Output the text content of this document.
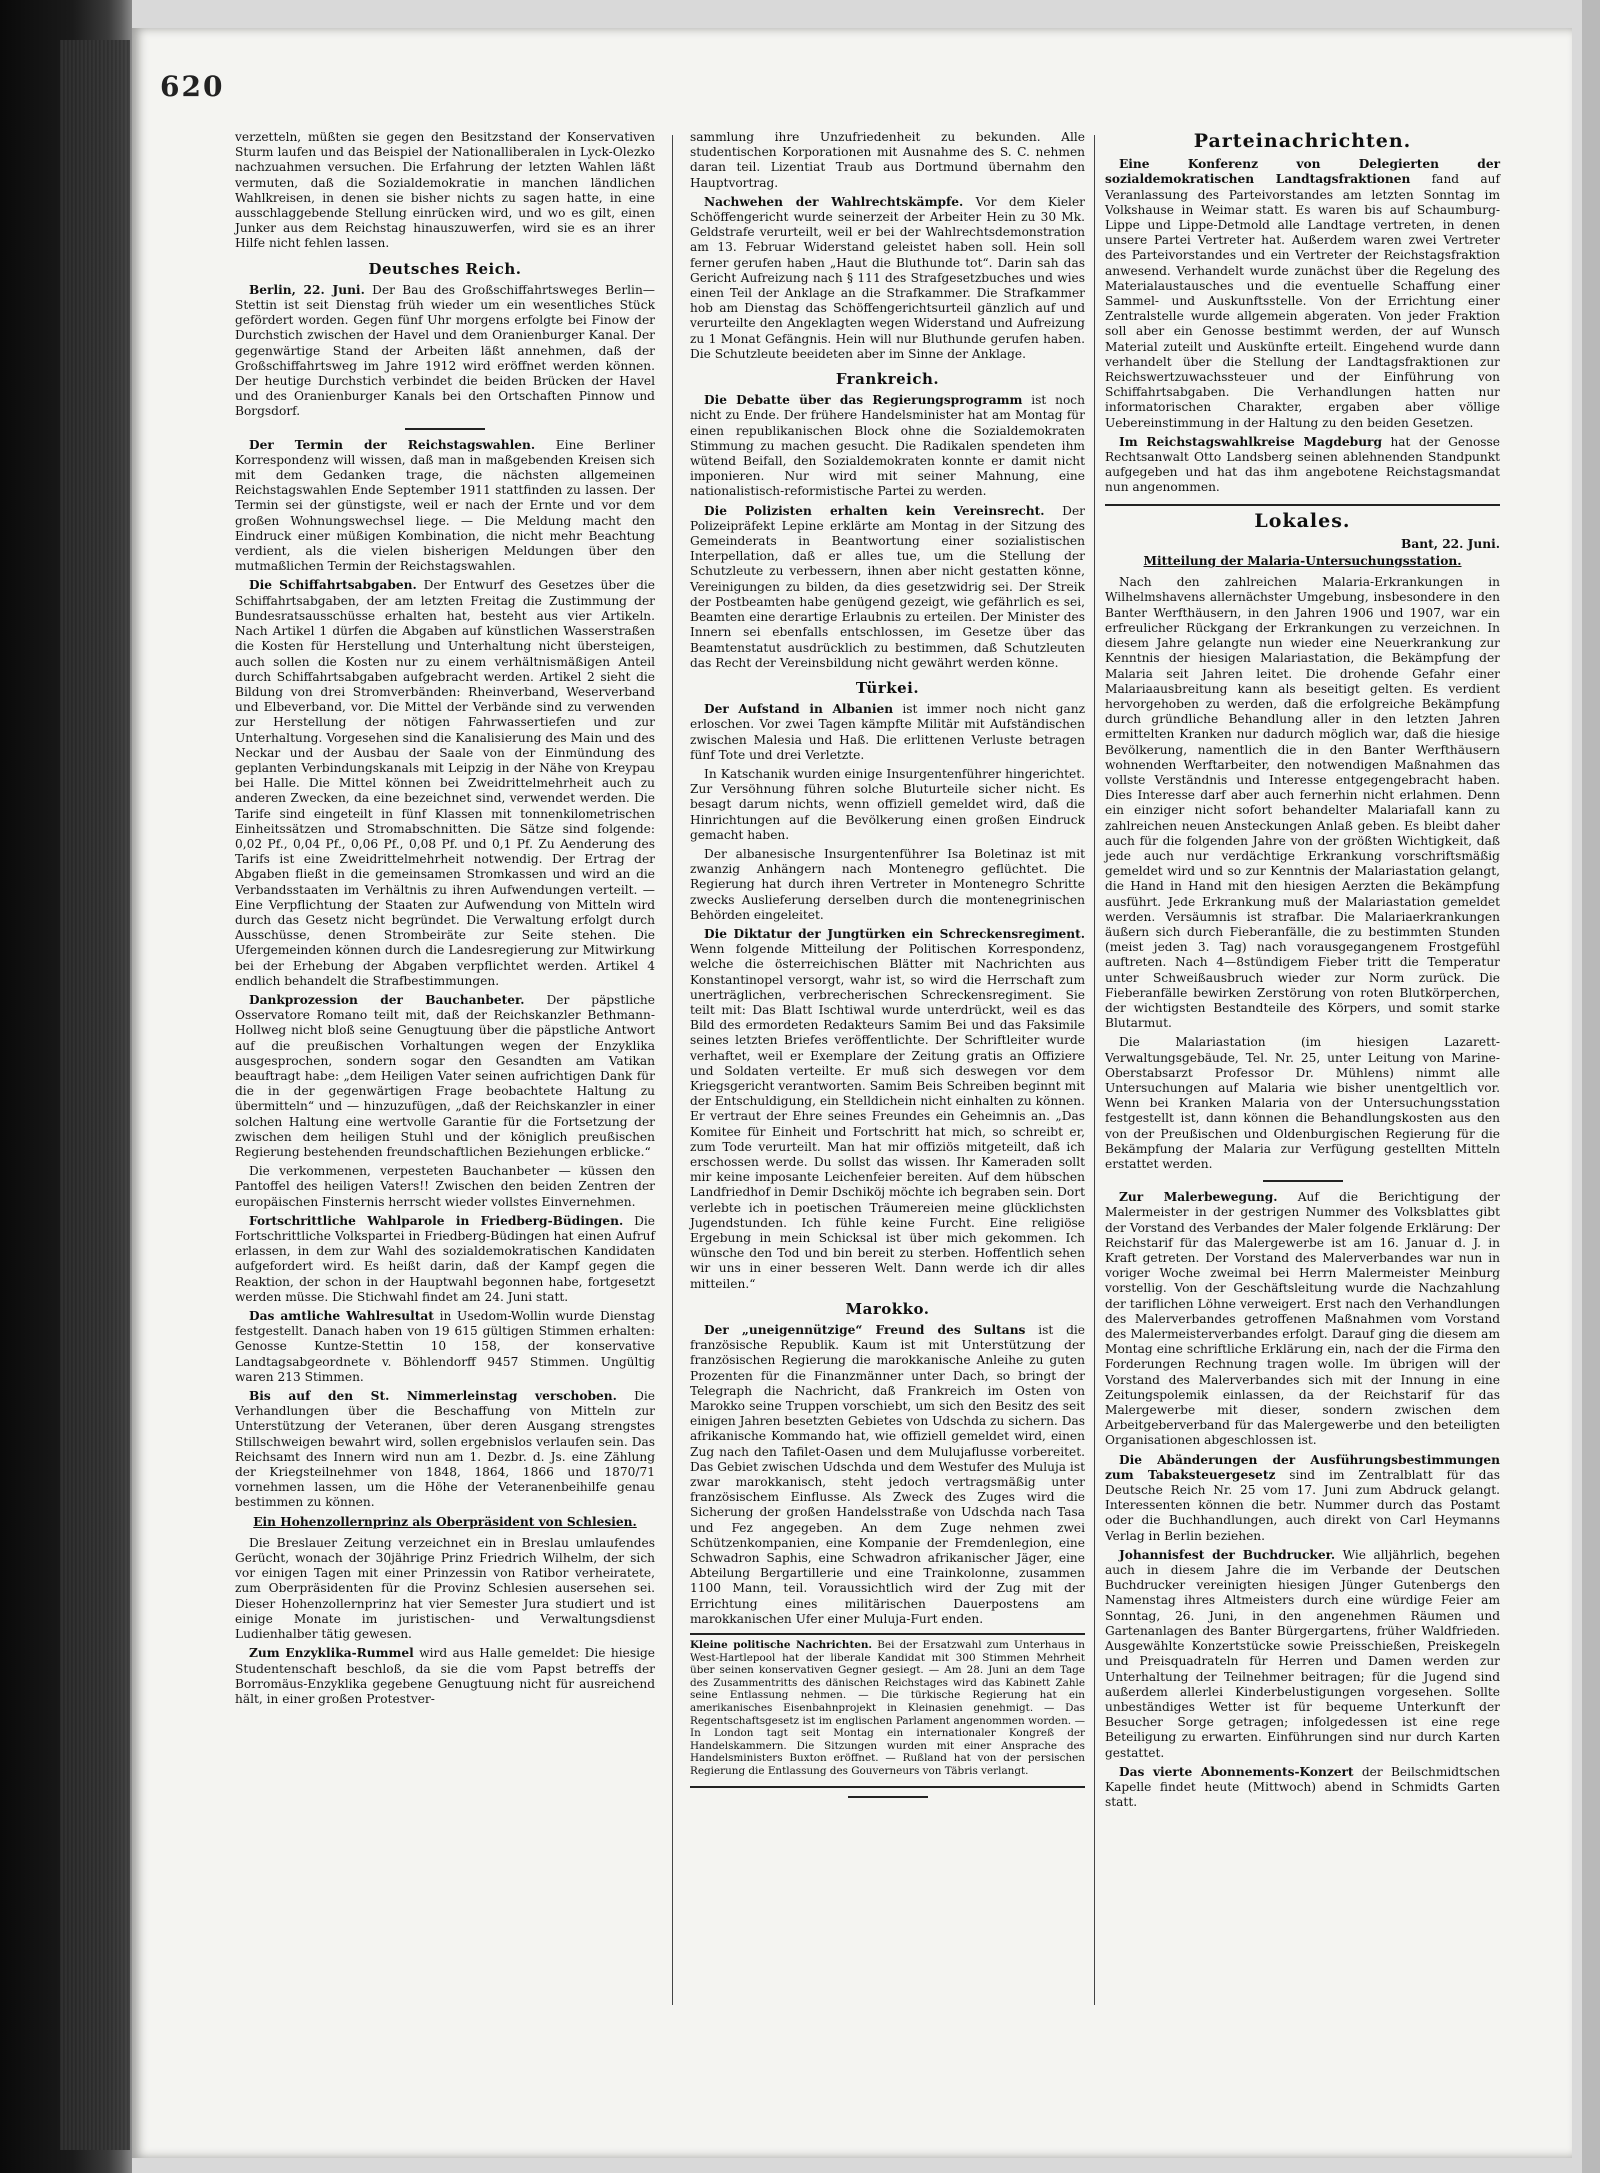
620

verzetteln, müßten sie gegen den Besitzstand der Konservativen Sturm laufen und das Beispiel der Nationalliberalen in Lyck-Olezko nachzuahmen versuchen. Die Erfahrung der letzten Wahlen läßt vermuten, daß die Sozialdemokratie in manchen ländlichen Wahlkreisen, in denen sie bisher nichts zu sagen hatte, in eine ausschlaggebende Stellung einrücken wird, und wo es gilt, einen Junker aus dem Reichstag hinauszuwerfen, wird sie es an ihrer Hilfe nicht fehlen lassen.

Deutsches Reich.

Berlin, 22. Juni. Der Bau des Großschiffahrtsweges Berlin—Stettin ist seit Dienstag früh wieder um ein wesentliches Stück gefördert worden. Gegen fünf Uhr morgens erfolgte bei Finow der Durchstich zwischen der Havel und dem Oranienburger Kanal. Der gegenwärtige Stand der Arbeiten läßt annehmen, daß der Großschiffahrtsweg im Jahre 1912 wird eröffnet werden können. Der heutige Durchstich verbindet die beiden Brücken der Havel und des Oranienburger Kanals bei den Ortschaften Pinnow und Borgsdorf.

Der Termin der Reichstagswahlen. Eine Berliner Korrespondenz will wissen, daß man in maßgebenden Kreisen sich mit dem Gedanken trage, die nächsten allgemeinen Reichstagswahlen Ende September 1911 stattfinden zu lassen. Der Termin sei der günstigste, weil er nach der Ernte und vor dem großen Wohnungswechsel liege. — Die Meldung macht den Eindruck einer müßigen Kombination, die nicht mehr Beachtung verdient, als die vielen bisherigen Meldungen über den mutmaßlichen Termin der Reichstagswahlen.

Die Schiffahrtsabgaben. Der Entwurf des Gesetzes über die Schiffahrtsabgaben, der am letzten Freitag die Zustimmung der Bundesratsausschüsse erhalten hat, besteht aus vier Artikeln. Nach Artikel 1 dürfen die Abgaben auf künstlichen Wasserstraßen die Kosten für Herstellung und Unterhaltung nicht übersteigen, auch sollen die Kosten nur zu einem verhältnismäßigen Anteil durch Schiffahrtsabgaben aufgebracht werden. Artikel 2 sieht die Bildung von drei Stromverbänden: Rheinverband, Weserverband und Elbeverband, vor. Die Mittel der Verbände sind zu verwenden zur Herstellung der nötigen Fahrwassertiefen und zur Unterhaltung. Vorgesehen sind die Kanalisierung des Main und des Neckar und der Ausbau der Saale von der Einmündung des geplanten Verbindungskanals mit Leipzig in der Nähe von Kreypau bei Halle. Die Mittel können bei Zweidrittelmehrheit auch zu anderen Zwecken, da eine bezeichnet sind, verwendet werden. Die Tarife sind eingeteilt in fünf Klassen mit tonnenkilometrischen Einheitssätzen und Stromabschnitten. Die Sätze sind folgende: 0,02 Pf., 0,04 Pf., 0,06 Pf., 0,08 Pf. und 0,1 Pf. Zu Aenderung des Tarifs ist eine Zweidrittelmehrheit notwendig. Der Ertrag der Abgaben fließt in die gemeinsamen Stromkassen und wird an die Verbandsstaaten im Verhältnis zu ihren Aufwendungen verteilt. — Eine Verpflichtung der Staaten zur Aufwendung von Mitteln wird durch das Gesetz nicht begründet. Die Verwaltung erfolgt durch Ausschüsse, denen Strombeiräte zur Seite stehen. Die Ufergemeinden können durch die Landesregierung zur Mitwirkung bei der Erhebung der Abgaben verpflichtet werden. Artikel 4 endlich behandelt die Strafbestimmungen.

Dankprozession der Bauchanbeter. Der päpstliche Osservatore Romano teilt mit, daß der Reichskanzler Bethmann-Hollweg nicht bloß seine Genugtuung über die päpstliche Antwort auf die preußischen Vorhaltungen wegen der Enzyklika ausgesprochen, sondern sogar den Gesandten am Vatikan beauftragt habe: „dem Heiligen Vater seinen aufrichtigen Dank für die in der gegenwärtigen Frage beobachtete Haltung zu übermitteln“ und — hinzuzufügen, „daß der Reichskanzler in einer solchen Haltung eine wertvolle Garantie für die Fortsetzung der zwischen dem heiligen Stuhl und der königlich preußischen Regierung bestehenden freundschaftlichen Beziehungen erblicke.“

Die verkommenen, verpesteten Bauchanbeter — küssen den Pantoffel des heiligen Vaters!! Zwischen den beiden Zentren der europäischen Finsternis herrscht wieder vollstes Einvernehmen.

Fortschrittliche Wahlparole in Friedberg-Büdingen. Die Fortschrittliche Volkspartei in Friedberg-Büdingen hat einen Aufruf erlassen, in dem zur Wahl des sozialdemokratischen Kandidaten aufgefordert wird. Es heißt darin, daß der Kampf gegen die Reaktion, der schon in der Hauptwahl begonnen habe, fortgesetzt werden müsse. Die Stichwahl findet am 24. Juni statt.

Das amtliche Wahlresultat in Usedom-Wollin wurde Dienstag festgestellt. Danach haben von 19 615 gültigen Stimmen erhalten: Genosse Kuntze-Stettin 10 158, der konservative Landtagsabgeordnete v. Böhlendorff 9457 Stimmen. Ungültig waren 213 Stimmen.

Bis auf den St. Nimmerleinstag verschoben. Die Verhandlungen über die Beschaffung von Mitteln zur Unterstützung der Veteranen, über deren Ausgang strengstes Stillschweigen bewahrt wird, sollen ergebnislos verlaufen sein. Das Reichsamt des Innern wird nun am 1. Dezbr. d. Js. eine Zählung der Kriegsteilnehmer von 1848, 1864, 1866 und 1870/71 vornehmen lassen, um die Höhe der Veteranenbeihilfe genau bestimmen zu können.

Ein Hohenzollernprinz als Oberpräsident von Schlesien.

Die Breslauer Zeitung verzeichnet ein in Breslau umlaufendes Gerücht, wonach der 30jährige Prinz Friedrich Wilhelm, der sich vor einigen Tagen mit einer Prinzessin von Ratibor verheiratete, zum Oberpräsidenten für die Provinz Schlesien ausersehen sei. Dieser Hohenzollernprinz hat vier Semester Jura studiert und ist einige Monate im juristischen- und Verwaltungsdienst Ludienhalber tätig gewesen.

Zum Enzyklika-Rummel wird aus Halle gemeldet: Die hiesige Studentenschaft beschloß, da sie die vom Papst betreffs der Borromäus-Enzyklika gegebene Genugtuung nicht für ausreichend hält, in einer großen Protestver-

sammlung ihre Unzufriedenheit zu bekunden. Alle studentischen Korporationen mit Ausnahme des S. C. nehmen daran teil. Lizentiat Traub aus Dortmund übernahm den Hauptvortrag.

Nachwehen der Wahlrechtskämpfe. Vor dem Kieler Schöffengericht wurde seinerzeit der Arbeiter Hein zu 30 Mk. Geldstrafe verurteilt, weil er bei der Wahlrechtsdemonstration am 13. Februar Widerstand geleistet haben soll. Hein soll ferner gerufen haben „Haut die Bluthunde tot“. Darin sah das Gericht Aufreizung nach § 111 des Strafgesetzbuches und wies einen Teil der Anklage an die Strafkammer. Die Strafkammer hob am Dienstag das Schöffengerichtsurteil gänzlich auf und verurteilte den Angeklagten wegen Widerstand und Aufreizung zu 1 Monat Gefängnis. Hein will nur Bluthunde gerufen haben. Die Schutzleute beeideten aber im Sinne der Anklage.

Frankreich.

Die Debatte über das Regierungsprogramm ist noch nicht zu Ende. Der frühere Handelsminister hat am Montag für einen republikanischen Block ohne die Sozialdemokraten Stimmung zu machen gesucht. Die Radikalen spendeten ihm wütend Beifall, den Sozialdemokraten konnte er damit nicht imponieren. Nur wird mit seiner Mahnung, eine nationalistisch-reformistische Partei zu werden.

Die Polizisten erhalten kein Vereinsrecht. Der Polizeipräfekt Lepine erklärte am Montag in der Sitzung des Gemeinderats in Beantwortung einer sozialistischen Interpellation, daß er alles tue, um die Stellung der Schutzleute zu verbessern, ihnen aber nicht gestatten könne, Vereinigungen zu bilden, da dies gesetzwidrig sei. Der Streik der Postbeamten habe genügend gezeigt, wie gefährlich es sei, Beamten eine derartige Erlaubnis zu erteilen. Der Minister des Innern sei ebenfalls entschlossen, im Gesetze über das Beamtenstatut ausdrücklich zu bestimmen, daß Schutzleuten das Recht der Vereinsbildung nicht gewährt werden könne.

Türkei.

Der Aufstand in Albanien ist immer noch nicht ganz erloschen. Vor zwei Tagen kämpfte Militär mit Aufständischen zwischen Malesia und Haß. Die erlittenen Verluste betragen fünf Tote und drei Verletzte.

In Katschanik wurden einige Insurgentenführer hingerichtet. Zur Versöhnung führen solche Bluturteile sicher nicht. Es besagt darum nichts, wenn offiziell gemeldet wird, daß die Hinrichtungen auf die Bevölkerung einen großen Eindruck gemacht haben.

Der albanesische Insurgentenführer Isa Boletinaz ist mit zwanzig Anhängern nach Montenegro geflüchtet. Die Regierung hat durch ihren Vertreter in Montenegro Schritte zwecks Auslieferung derselben durch die montenegrinischen Behörden eingeleitet.

Die Diktatur der Jungtürken ein Schreckensregiment. Wenn folgende Mitteilung der Politischen Korrespondenz, welche die österreichischen Blätter mit Nachrichten aus Konstantinopel versorgt, wahr ist, so wird die Herrschaft zum unerträglichen, verbrecherischen Schreckensregiment. Sie teilt mit: Das Blatt Ischtiwal wurde unterdrückt, weil es das Bild des ermordeten Redakteurs Samim Bei und das Faksimile seines letzten Briefes veröffentlichte. Der Schriftleiter wurde verhaftet, weil er Exemplare der Zeitung gratis an Offiziere und Soldaten verteilte. Er muß sich deswegen vor dem Kriegsgericht verantworten. Samim Beis Schreiben beginnt mit der Entschuldigung, ein Stelldichein nicht einhalten zu können. Er vertraut der Ehre seines Freundes ein Geheimnis an. „Das Komitee für Einheit und Fortschritt hat mich, so schreibt er, zum Tode verurteilt. Man hat mir offiziös mitgeteilt, daß ich erschossen werde. Du sollst das wissen. Ihr Kameraden sollt mir keine imposante Leichenfeier bereiten. Auf dem hübschen Landfriedhof in Demir Dschiköj möchte ich begraben sein. Dort verlebte ich in poetischen Träumereien meine glücklichsten Jugendstunden. Ich fühle keine Furcht. Eine religiöse Ergebung in mein Schicksal ist über mich gekommen. Ich wünsche den Tod und bin bereit zu sterben. Hoffentlich sehen wir uns in einer besseren Welt. Dann werde ich dir alles mitteilen.“

Marokko.

Der „uneigennützige“ Freund des Sultans ist die französische Republik. Kaum ist mit Unterstützung der französischen Regierung die marokkanische Anleihe zu guten Prozenten für die Finanzmänner unter Dach, so bringt der Telegraph die Nachricht, daß Frankreich im Osten von Marokko seine Truppen vorschiebt, um sich den Besitz des seit einigen Jahren besetzten Gebietes von Udschda zu sichern. Das afrikanische Kommando hat, wie offiziell gemeldet wird, einen Zug nach den Tafilet-Oasen und dem Mulujaflusse vorbereitet. Das Gebiet zwischen Udschda und dem Westufer des Muluja ist zwar marokkanisch, steht jedoch vertragsmäßig unter französischem Einflusse. Als Zweck des Zuges wird die Sicherung der großen Handelsstraße von Udschda nach Tasa und Fez angegeben. An dem Zuge nehmen zwei Schützenkompanien, eine Kompanie der Fremdenlegion, eine Schwadron Saphis, eine Schwadron afrikanischer Jäger, eine Abteilung Bergartillerie und eine Trainkolonne, zusammen 1100 Mann, teil. Voraussichtlich wird der Zug mit der Errichtung eines militärischen Dauerpostens am marokkanischen Ufer einer Muluja-Furt enden.

Kleine politische Nachrichten. Bei der Ersatzwahl zum Unterhaus in West-Hartlepool hat der liberale Kandidat mit 300 Stimmen Mehrheit über seinen konservativen Gegner gesiegt. — Am 28. Juni an dem Tage des Zusammentritts des dänischen Reichstages wird das Kabinett Zahle seine Entlassung nehmen. — Die türkische Regierung hat ein amerikanisches Eisenbahnprojekt in Kleinasien genehmigt. — Das Regentschaftsgesetz ist im englischen Parlament angenommen worden. — In London tagt seit Montag ein internationaler Kongreß der Handelskammern. Die Sitzungen wurden mit einer Ansprache des Handelsministers Buxton eröffnet. — Rußland hat von der persischen Regierung die Entlassung des Gouverneurs von Täbris verlangt.

Parteinachrichten.

Eine Konferenz von Delegierten der sozialdemokratischen Landtagsfraktionen fand auf Veranlassung des Parteivorstandes am letzten Sonntag im Volkshause in Weimar statt. Es waren bis auf Schaumburg-Lippe und Lippe-Detmold alle Landtage vertreten, in denen unsere Partei Vertreter hat. Außerdem waren zwei Vertreter des Parteivorstandes und ein Vertreter der Reichstagsfraktion anwesend. Verhandelt wurde zunächst über die Regelung des Materialaustausches und die eventuelle Schaffung einer Sammel- und Auskunftsstelle. Von der Errichtung einer Zentralstelle wurde allgemein abgeraten. Von jeder Fraktion soll aber ein Genosse bestimmt werden, der auf Wunsch Material zuteilt und Auskünfte erteilt. Eingehend wurde dann verhandelt über die Stellung der Landtagsfraktionen zur Reichswertzuwachssteuer und der Einführung von Schiffahrtsabgaben. Die Verhandlungen hatten nur informatorischen Charakter, ergaben aber völlige Uebereinstimmung in der Haltung zu den beiden Gesetzen.

Im Reichstagswahlkreise Magdeburg hat der Genosse Rechtsanwalt Otto Landsberg seinen ablehnenden Standpunkt aufgegeben und hat das ihm angebotene Reichstagsmandat nun angenommen.

Lokales.
Bant, 22. Juni.
Mitteilung der Malaria-Untersuchungsstation.

Nach den zahlreichen Malaria-Erkrankungen in Wilhelmshavens allernächster Umgebung, insbesondere in den Banter Werfthäusern, in den Jahren 1906 und 1907, war ein erfreulicher Rückgang der Erkrankungen zu verzeichnen. In diesem Jahre gelangte nun wieder eine Neuerkrankung zur Kenntnis der hiesigen Malariastation, die Bekämpfung der Malaria seit Jahren leitet. Die drohende Gefahr einer Malariaausbreitung kann als beseitigt gelten. Es verdient hervorgehoben zu werden, daß die erfolgreiche Bekämpfung durch gründliche Behandlung aller in den letzten Jahren ermittelten Kranken nur dadurch möglich war, daß die hiesige Bevölkerung, namentlich die in den Banter Werfthäusern wohnenden Werftarbeiter, den notwendigen Maßnahmen das vollste Verständnis und Interesse entgegengebracht haben. Dies Interesse darf aber auch fernerhin nicht erlahmen. Denn ein einziger nicht sofort behandelter Malariafall kann zu zahlreichen neuen Ansteckungen Anlaß geben. Es bleibt daher auch für die folgenden Jahre von der größten Wichtigkeit, daß jede auch nur verdächtige Erkrankung vorschriftsmäßig gemeldet wird und so zur Kenntnis der Malariastation gelangt, die Hand in Hand mit den hiesigen Aerzten die Bekämpfung ausführt. Jede Erkrankung muß der Malariastation gemeldet werden. Versäumnis ist strafbar. Die Malariaerkrankungen äußern sich durch Fieberanfälle, die zu bestimmten Stunden (meist jeden 3. Tag) nach vorausgegangenem Frostgefühl auftreten. Nach 4—8stündigem Fieber tritt die Temperatur unter Schweißausbruch wieder zur Norm zurück. Die Fieberanfälle bewirken Zerstörung von roten Blutkörperchen, der wichtigsten Bestandteile des Körpers, und somit starke Blutarmut.

Die Malariastation (im hiesigen Lazarett-Verwaltungsgebäude, Tel. Nr. 25, unter Leitung von Marine-Oberstabsarzt Professor Dr. Mühlens) nimmt alle Untersuchungen auf Malaria wie bisher unentgeltlich vor. Wenn bei Kranken Malaria von der Untersuchungsstation festgestellt ist, dann können die Behandlungskosten aus den von der Preußischen und Oldenburgischen Regierung für die Bekämpfung der Malaria zur Verfügung gestellten Mitteln erstattet werden.

Zur Malerbewegung. Auf die Berichtigung der Malermeister in der gestrigen Nummer des Volksblattes gibt der Vorstand des Verbandes der Maler folgende Erklärung: Der Reichstarif für das Malergewerbe ist am 16. Januar d. J. in Kraft getreten. Der Vorstand des Malerverbandes war nun in voriger Woche zweimal bei Herrn Malermeister Meinburg vorstellig. Von der Geschäftsleitung wurde die Nachzahlung der tariflichen Löhne verweigert. Erst nach den Verhandlungen des Malerverbandes getroffenen Maßnahmen vom Vorstand des Malermeisterverbandes erfolgt. Darauf ging die diesem am Montag eine schriftliche Erklärung ein, nach der die Firma den Forderungen Rechnung tragen wolle. Im übrigen will der Vorstand des Malerverbandes sich mit der Innung in eine Zeitungspolemik einlassen, da der Reichstarif für das Malergewerbe mit dieser, sondern zwischen dem Arbeitgeberverband für das Malergewerbe und den beteiligten Organisationen abgeschlossen ist.

Die Abänderungen der Ausführungsbestimmungen zum Tabaksteuergesetz sind im Zentralblatt für das Deutsche Reich Nr. 25 vom 17. Juni zum Abdruck gelangt. Interessenten können die betr. Nummer durch das Postamt oder die Buchhandlungen, auch direkt von Carl Heymanns Verlag in Berlin beziehen.

Johannisfest der Buchdrucker. Wie alljährlich, begehen auch in diesem Jahre die im Verbande der Deutschen Buchdrucker vereinigten hiesigen Jünger Gutenbergs den Namenstag ihres Altmeisters durch eine würdige Feier am Sonntag, 26. Juni, in den angenehmen Räumen und Gartenanlagen des Banter Bürgergartens, früher Waldfrieden. Ausgewählte Konzertstücke sowie Preisschießen, Preiskegeln und Preisquadrateln für Herren und Damen werden zur Unterhaltung der Teilnehmer beitragen; für die Jugend sind außerdem allerlei Kinderbelustigungen vorgesehen. Sollte unbeständiges Wetter ist für bequeme Unterkunft der Besucher Sorge getragen; infolgedessen ist eine rege Beteiligung zu erwarten. Einführungen sind nur durch Karten gestattet.

Das vierte Abonnements-Konzert der Beilschmidtschen Kapelle findet heute (Mittwoch) abend in Schmidts Garten statt.
